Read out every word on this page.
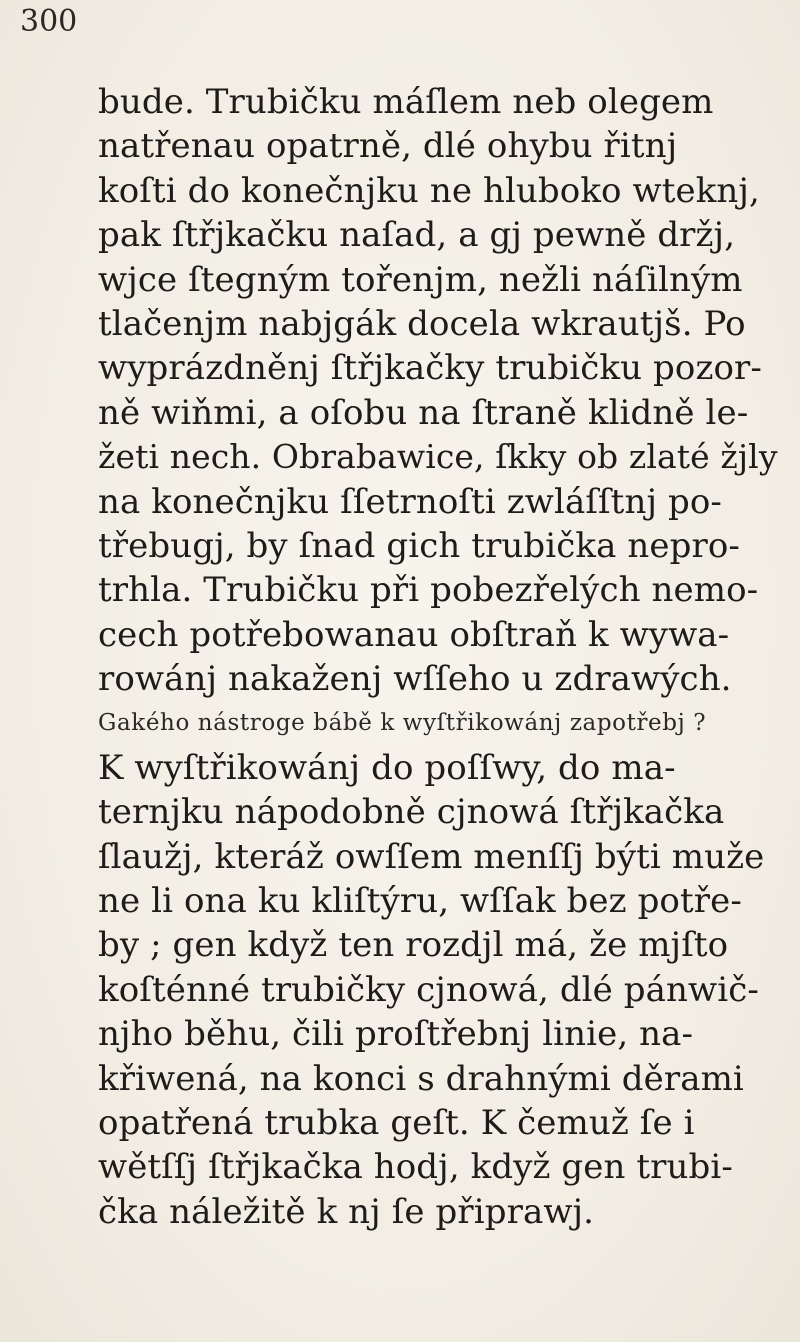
300
bude. Trubičku máſlem neb olegem
natřenau opatrně, dlé ohybu řitnj
koſti do konečnjku ne hluboko wteknj,
pak ſtřjkačku naſad, a gj pewně držj,
wjce ſtegným tořenjm, nežli náſilným
tlačenjm nabjgák docela wkrautjš. Po
wyprázdněnj ſtřjkačky trubičku pozor-
ně wiňmi, a oſobu na ſtraně klidně le-
žeti nech. Obrabawice, ſkky ob zlaté žjly
na konečnjku ſſetrnoſti zwláſſtnj po-
třebugj, by ſnad gich trubička nepro-
trhla. Trubičku při pobezřelých nemo-
cech potřebowanau obſtraň k wywa-
rowánj nakaženj wſſeho u zdrawých.
Gakého nástroge bábě k wyſtřikowánj zapotřebj ?
K wyſtřikowánj do poſſwy, do ma-
ternjku nápodobně cjnowá ſtřjkačka
ſlaužj, kteráž owſſem menſſj býti muže
ne li ona ku kliſtýru, wſſak bez potře-
by ; gen když ten rozdjl má, že mjſto
koſténné trubičky cjnowá, dlé pánwič-
njho běhu, čili proſtřebnj linie, na-
křiwená, na konci s drahnými děrami
opatřená trubka geſt. K čemuž ſe i
wětſſj ſtřjkačka hodj, když gen trubi-
čka náležitě k nj ſe připrawj.
